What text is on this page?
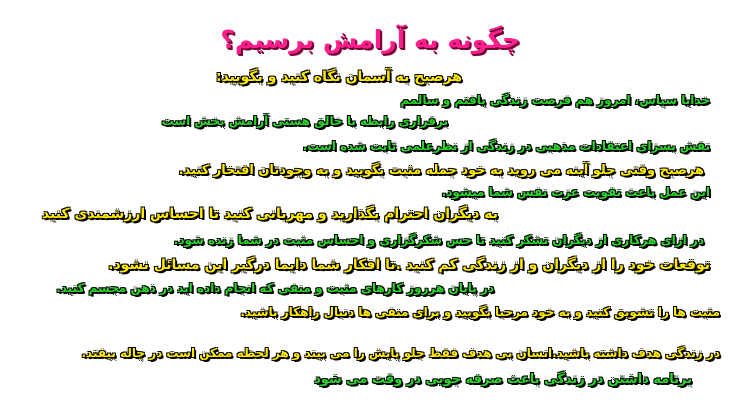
چگونه به آرامش برسیم؟
هرصبح به آسمان نگاه کنید و بگویید:
خدایا سپاس، امروز هم فرصت زندگی یافتم و سالمم
برقراری رابطه با خالق هستی آرامش بخش است
نقش بسزای اعتقادات مذهبی در زندگی از نظرعلمی ثابت شده است.
هرصبح وقتی جلو آینه می روید به خود جمله مثبت بگویید و به وجودتان افتخار کنید.
این عمل باعث تقویت عزت نفس شما میشود.
به دیگران احترام بگذارید و مهربانی کنید تا احساس ارزشمندی کنید
در ازای هرکاری از دیگران تشکر کنید تا حس شکرگزاری و احساس مثبت در شما زنده شود.
توقعات خود را از دیگران و از زندگی کم کنید .تا افکار شما دایما درگیر این مسائل نشود.
در پایان هرروز کارهای مثبت و منفی که انجام داده اید در ذهن مجسم کنید.
مثبت ها را تشویق کنید و به خود مرحبا بگویید و برای منفی ها دنبال راهکار باشید.
در زندگی هدف داشته باشید.انسان بی هدف فقط جلو پایش را می بیند و هر لحظه ممکن است در چاله بیفتد.
برنامه داشتن در زندگی باعث صرفه جویی در وقت می شود
